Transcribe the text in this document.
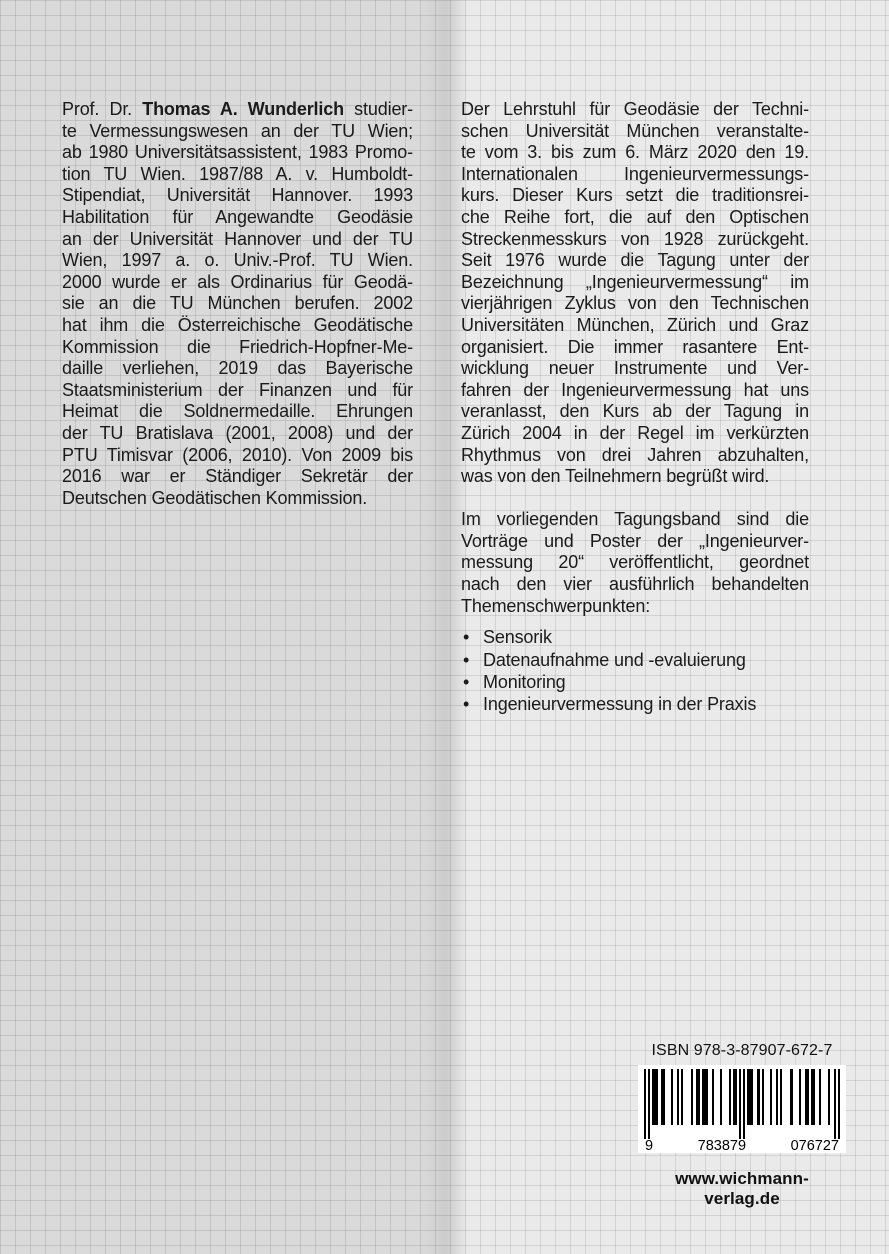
Prof. Dr. Thomas A. Wunderlich studier-
te Vermessungswesen an der TU Wien;
ab 1980 Universitätsassistent, 1983 Promo-
tion TU Wien. 1987/88 A. v. Humboldt-
Stipendiat, Universität Hannover. 1993
Habilitation für Angewandte Geodäsie
an der Universität Hannover und der TU
Wien, 1997 a. o. Univ.-Prof. TU Wien.
2000 wurde er als Ordinarius für Geodä-
sie an die TU München berufen. 2002
hat ihm die Österreichische Geodätische
Kommission die Friedrich-Hopfner-Me-
daille verliehen, 2019 das Bayerische
Staatsministerium der Finanzen und für
Heimat die Soldnermedaille. Ehrungen
der TU Bratislava (2001, 2008) und der
PTU Timisvar (2006, 2010). Von 2009 bis
2016 war er Ständiger Sekretär der
Deutschen Geodätischen Kommission.
Der Lehrstuhl für Geodäsie der Techni-
schen Universität München veranstalte-
te vom 3. bis zum 6. März 2020 den 19.
Internationalen Ingenieurvermessungs-
kurs. Dieser Kurs setzt die traditionsrei-
che Reihe fort, die auf den Optischen
Streckenmesskurs von 1928 zurückgeht.
Seit 1976 wurde die Tagung unter der
Bezeichnung „Ingenieurvermessung“ im
vierjährigen Zyklus von den Technischen
Universitäten München, Zürich und Graz
organisiert. Die immer rasantere Ent-
wicklung neuer Instrumente und Ver-
fahren der Ingenieurvermessung hat uns
veranlasst, den Kurs ab der Tagung in
Zürich 2004 in der Regel im verkürzten
Rhythmus von drei Jahren abzuhalten,
was von den Teilnehmern begrüßt wird.
Im vorliegenden Tagungsband sind die
Vorträge und Poster der „Ingenieurver-
messung 20“ veröffentlicht, geordnet
nach den vier ausführlich behandelten
Themenschwerpunkten:
•
Sensorik
•
Datenaufnahme und -evaluierung
•
Monitoring
•
Ingenieurvermessung in der Praxis
ISBN 978-3-87907-672-7
9	783879	076727
www.wichmann-verlag.de
